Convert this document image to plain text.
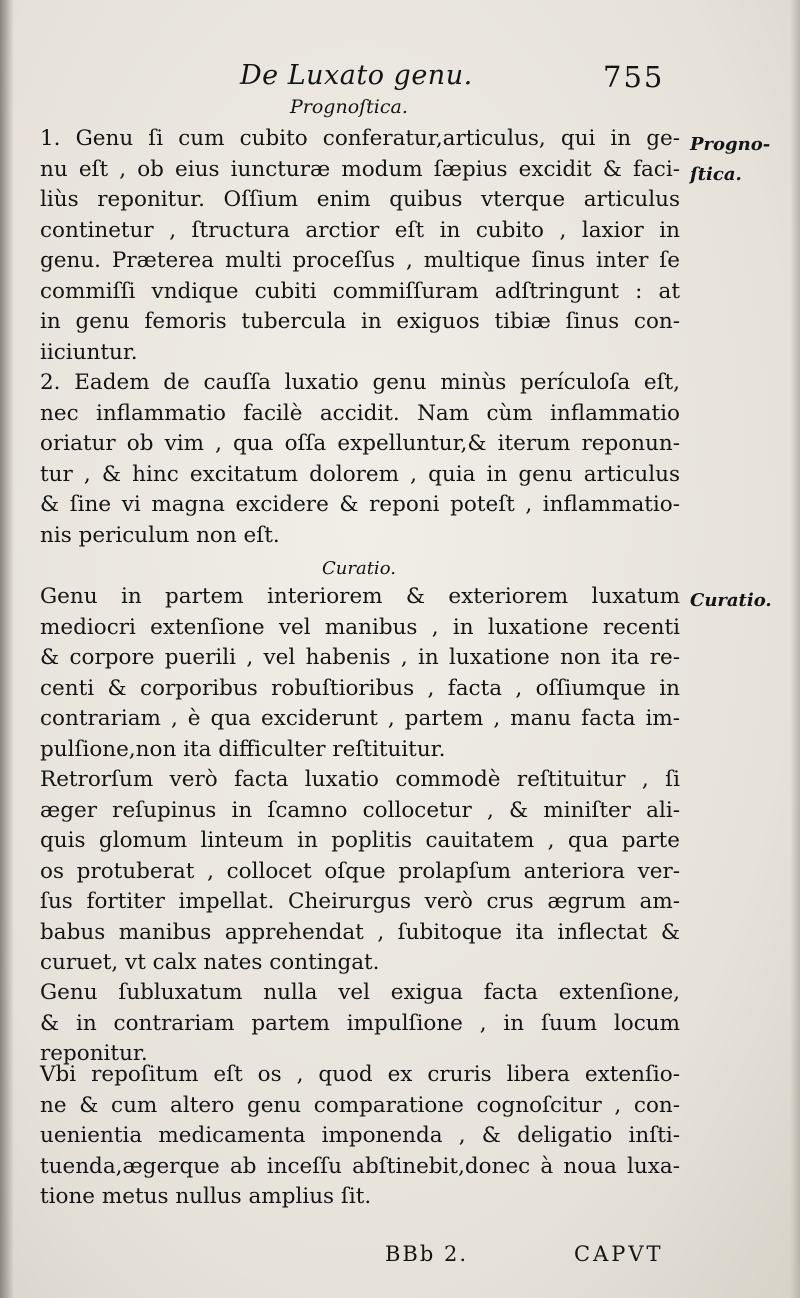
De Luxato genu.	755
Prognoſtica.
Progno-
ſtica.
1. Genu ſi cum cubito conferatur,articulus, qui in ge-
nu eſt , ob eius iuncturæ modum ſæpius excidit & faci-
liùs reponitur. Oſſium enim quibus vterque articulus
continetur , ſtructura arctior eſt in cubito , laxior in
genu. Præterea multi proceſſus , multique ſinus inter ſe
commiſſi vndique cubiti commiſſuram adſtringunt : at
in genu femoris tubercula in exiguos tibiæ ſinus con-
iiciuntur.
2. Eadem de cauſſa luxatio genu minùs perículoſa eſt,
nec inflammatio facilè accidit. Nam cùm inflammatio
oriatur ob vim , qua oſſa expelluntur,& iterum reponun-
tur , & hinc excitatum dolorem , quia in genu articulus
& ſine vi magna excidere & reponi poteſt , inflammatio-
nis periculum non eſt.
Curatio.
Curatio.
Genu in partem interiorem & exteriorem luxatum
mediocri extenſione vel manibus , in luxatione recenti
& corpore puerili , vel habenis , in luxatione non ita re-
centi & corporibus robuſtioribus , facta , oſſiumque in
contrariam , è qua exciderunt , partem , manu facta im-
pulſione,non ita difficulter reſtituitur.
Retrorſum verò facta luxatio commodè reſtituitur , ſi
æger reſupinus in ſcamno collocetur , & miniſter ali-
quis glomum linteum in poplitis cauitatem , qua parte
os protuberat , collocet oſque prolapſum anteriora ver-
ſus fortiter impellat. Cheirurgus verò crus ægrum am-
babus manibus apprehendat , ſubitoque ita inflectat &
curuet, vt calx nates contingat.
Genu ſubluxatum nulla vel exigua facta extenſione,
& in contrariam partem impulſione , in ſuum locum
reponitur.
Vbi repoſitum eſt os , quod ex cruris libera extenſio-
ne & cum altero genu comparatione cognoſcitur , con-
uenientia medicamenta imponenda , & deligatio inſti-
tuenda,ægerque ab inceſſu abſtinebit,donec à noua luxa-
tione metus nullus amplius ſit.
BBb 2.	CAPVT
